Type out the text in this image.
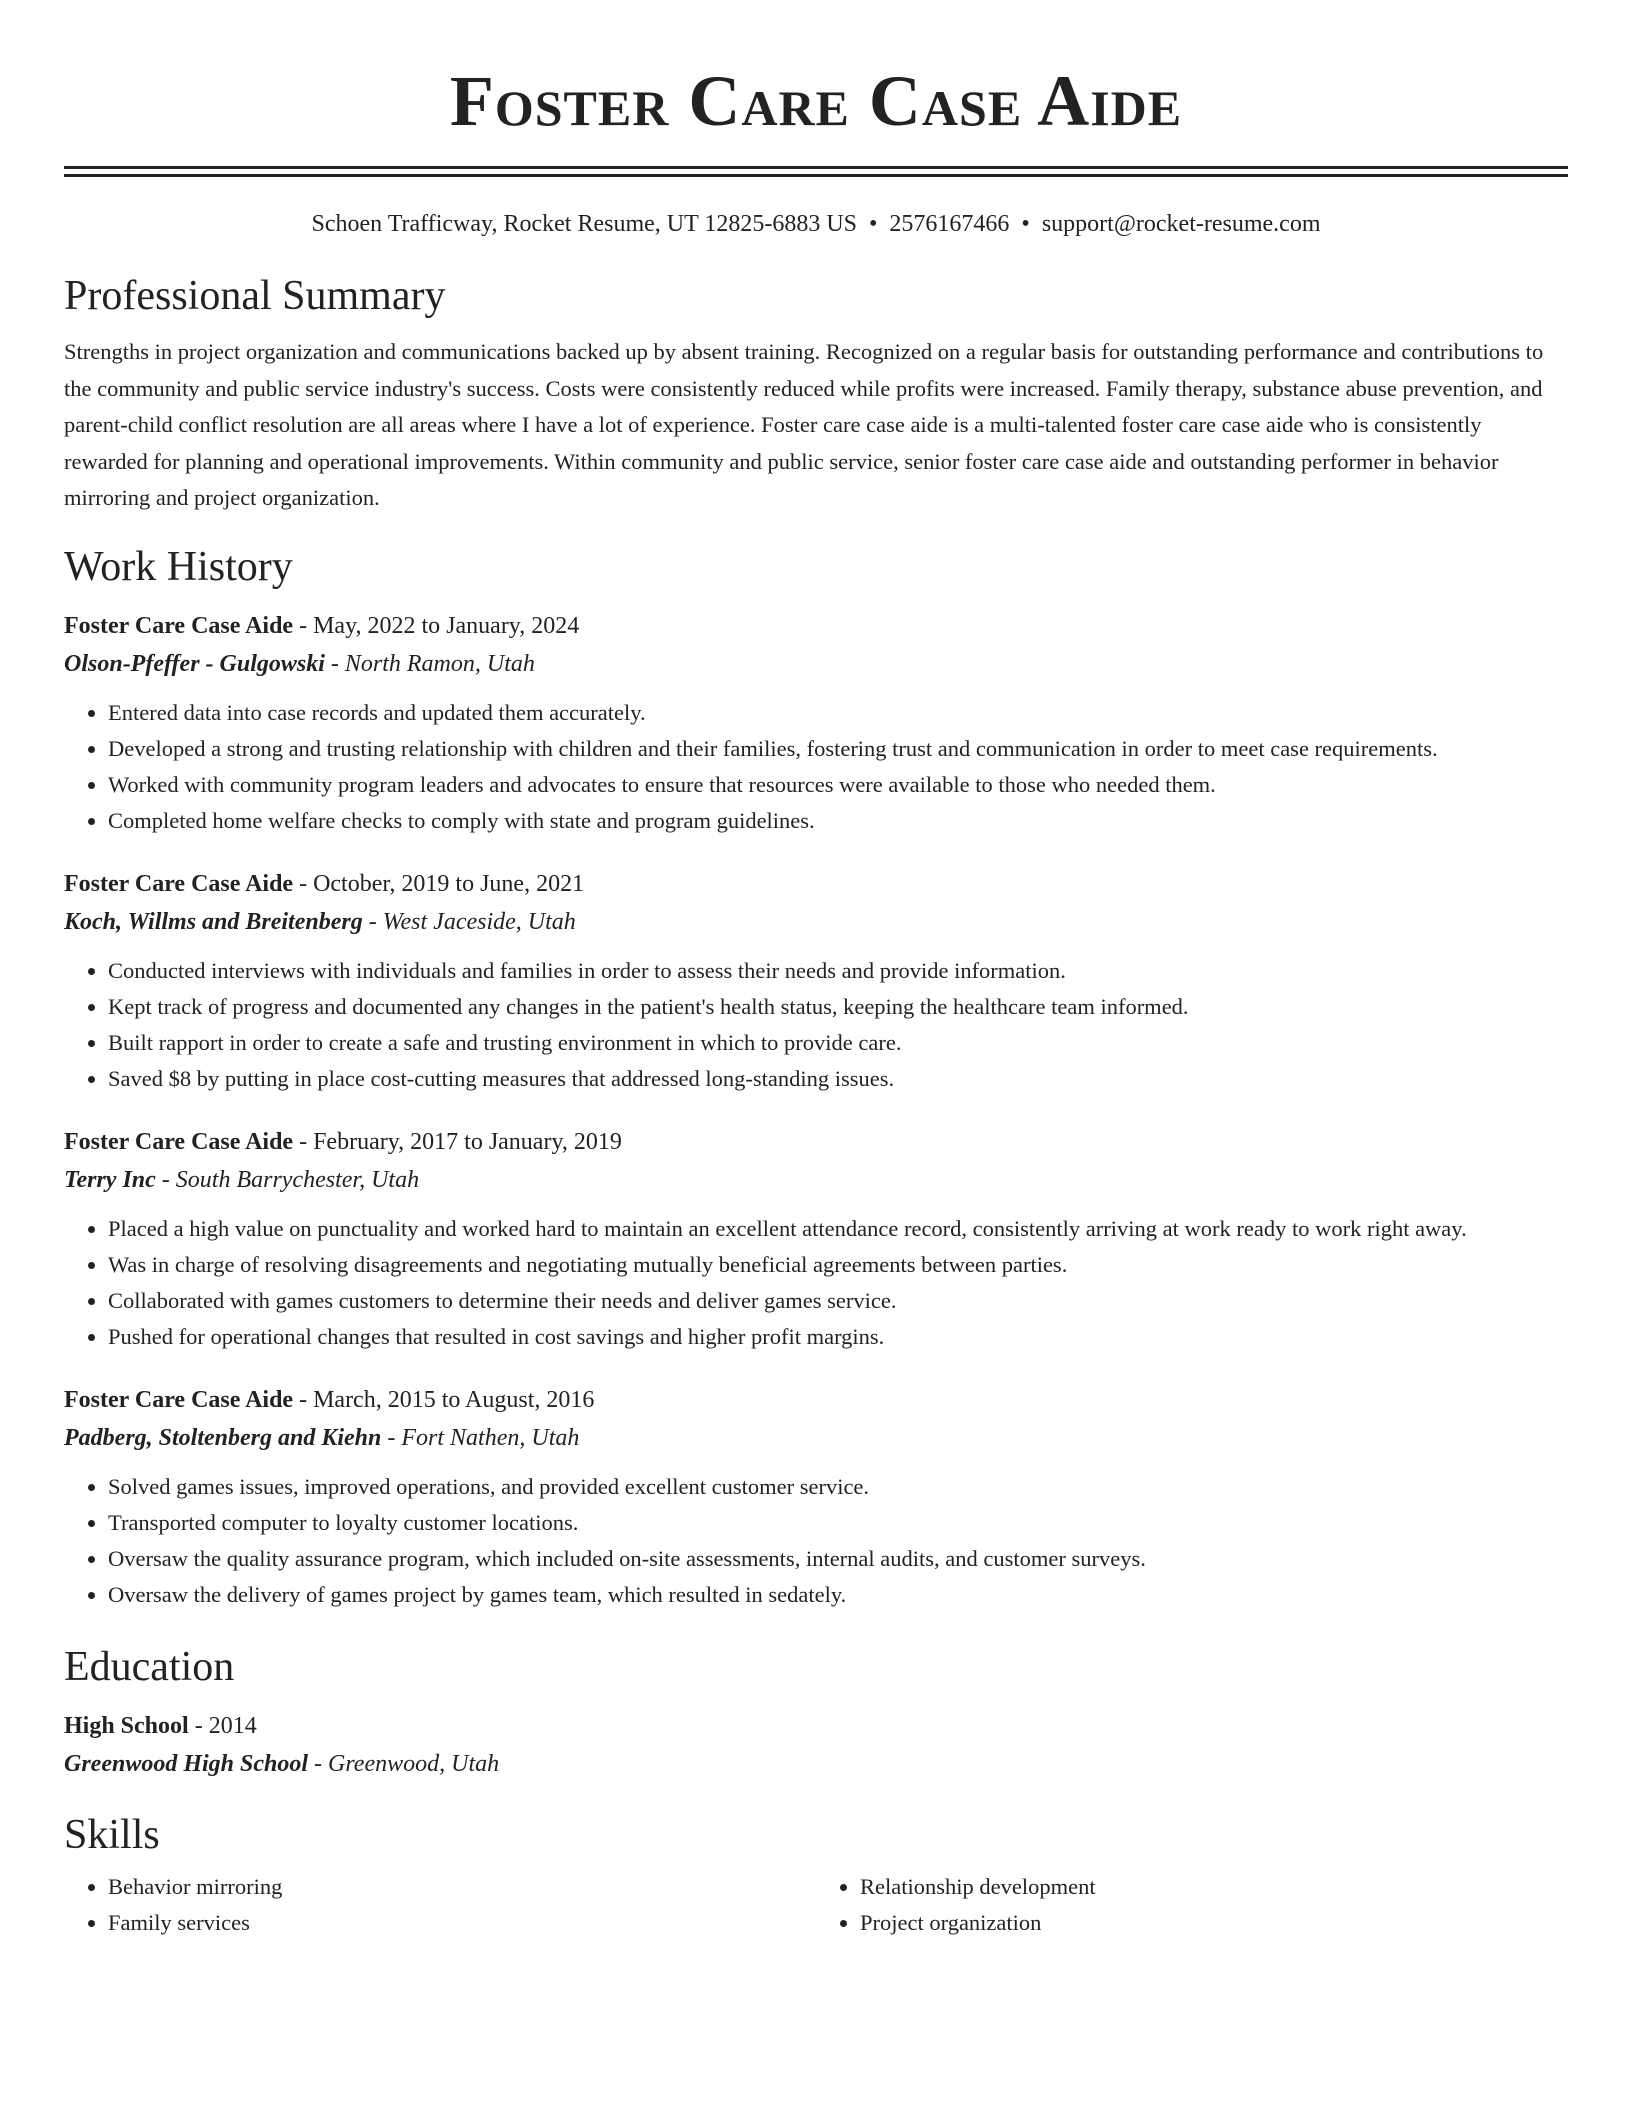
Foster Care Case Aide
Schoen Trafficway, Rocket Resume, UT 12825-6883 US • 2576167466 • support@rocket-resume.com
Professional Summary

Strengths in project organization and communications backed up by absent training. Recognized on a regular basis for outstanding performance and contributions to the community and public service industry's success. Costs were consistently reduced while profits were increased. Family therapy, substance abuse prevention, and parent-child conflict resolution are all areas where I have a lot of experience. Foster care case aide is a multi-talented foster care case aide who is consistently rewarded for planning and operational improvements. Within community and public service, senior foster care case aide and outstanding performer in behavior mirroring and project organization.

Work History
Foster Care Case Aide - May, 2022 to January, 2024
Olson-Pfeffer - Gulgowski - North Ramon, Utah
• Entered data into case records and updated them accurately.
• Developed a strong and trusting relationship with children and their families, fostering trust and communication in order to meet case requirements.
• Worked with community program leaders and advocates to ensure that resources were available to those who needed them.
• Completed home welfare checks to comply with state and program guidelines.
Foster Care Case Aide - October, 2019 to June, 2021
Koch, Willms and Breitenberg - West Jaceside, Utah
• Conducted interviews with individuals and families in order to assess their needs and provide information.
• Kept track of progress and documented any changes in the patient's health status, keeping the healthcare team informed.
• Built rapport in order to create a safe and trusting environment in which to provide care.
• Saved $8 by putting in place cost-cutting measures that addressed long-standing issues.
Foster Care Case Aide - February, 2017 to January, 2019
Terry Inc - South Barrychester, Utah
• Placed a high value on punctuality and worked hard to maintain an excellent attendance record, consistently arriving at work ready to work right away.
• Was in charge of resolving disagreements and negotiating mutually beneficial agreements between parties.
• Collaborated with games customers to determine their needs and deliver games service.
• Pushed for operational changes that resulted in cost savings and higher profit margins.
Foster Care Case Aide - March, 2015 to August, 2016
Padberg, Stoltenberg and Kiehn - Fort Nathen, Utah
• Solved games issues, improved operations, and provided excellent customer service.
• Transported computer to loyalty customer locations.
• Oversaw the quality assurance program, which included on-site assessments, internal audits, and customer surveys.
• Oversaw the delivery of games project by games team, which resulted in sedately.
Education
High School - 2014
Greenwood High School - Greenwood, Utah
Skills
• Behavior mirroring
• Family services
• Relationship development
• Project organization
